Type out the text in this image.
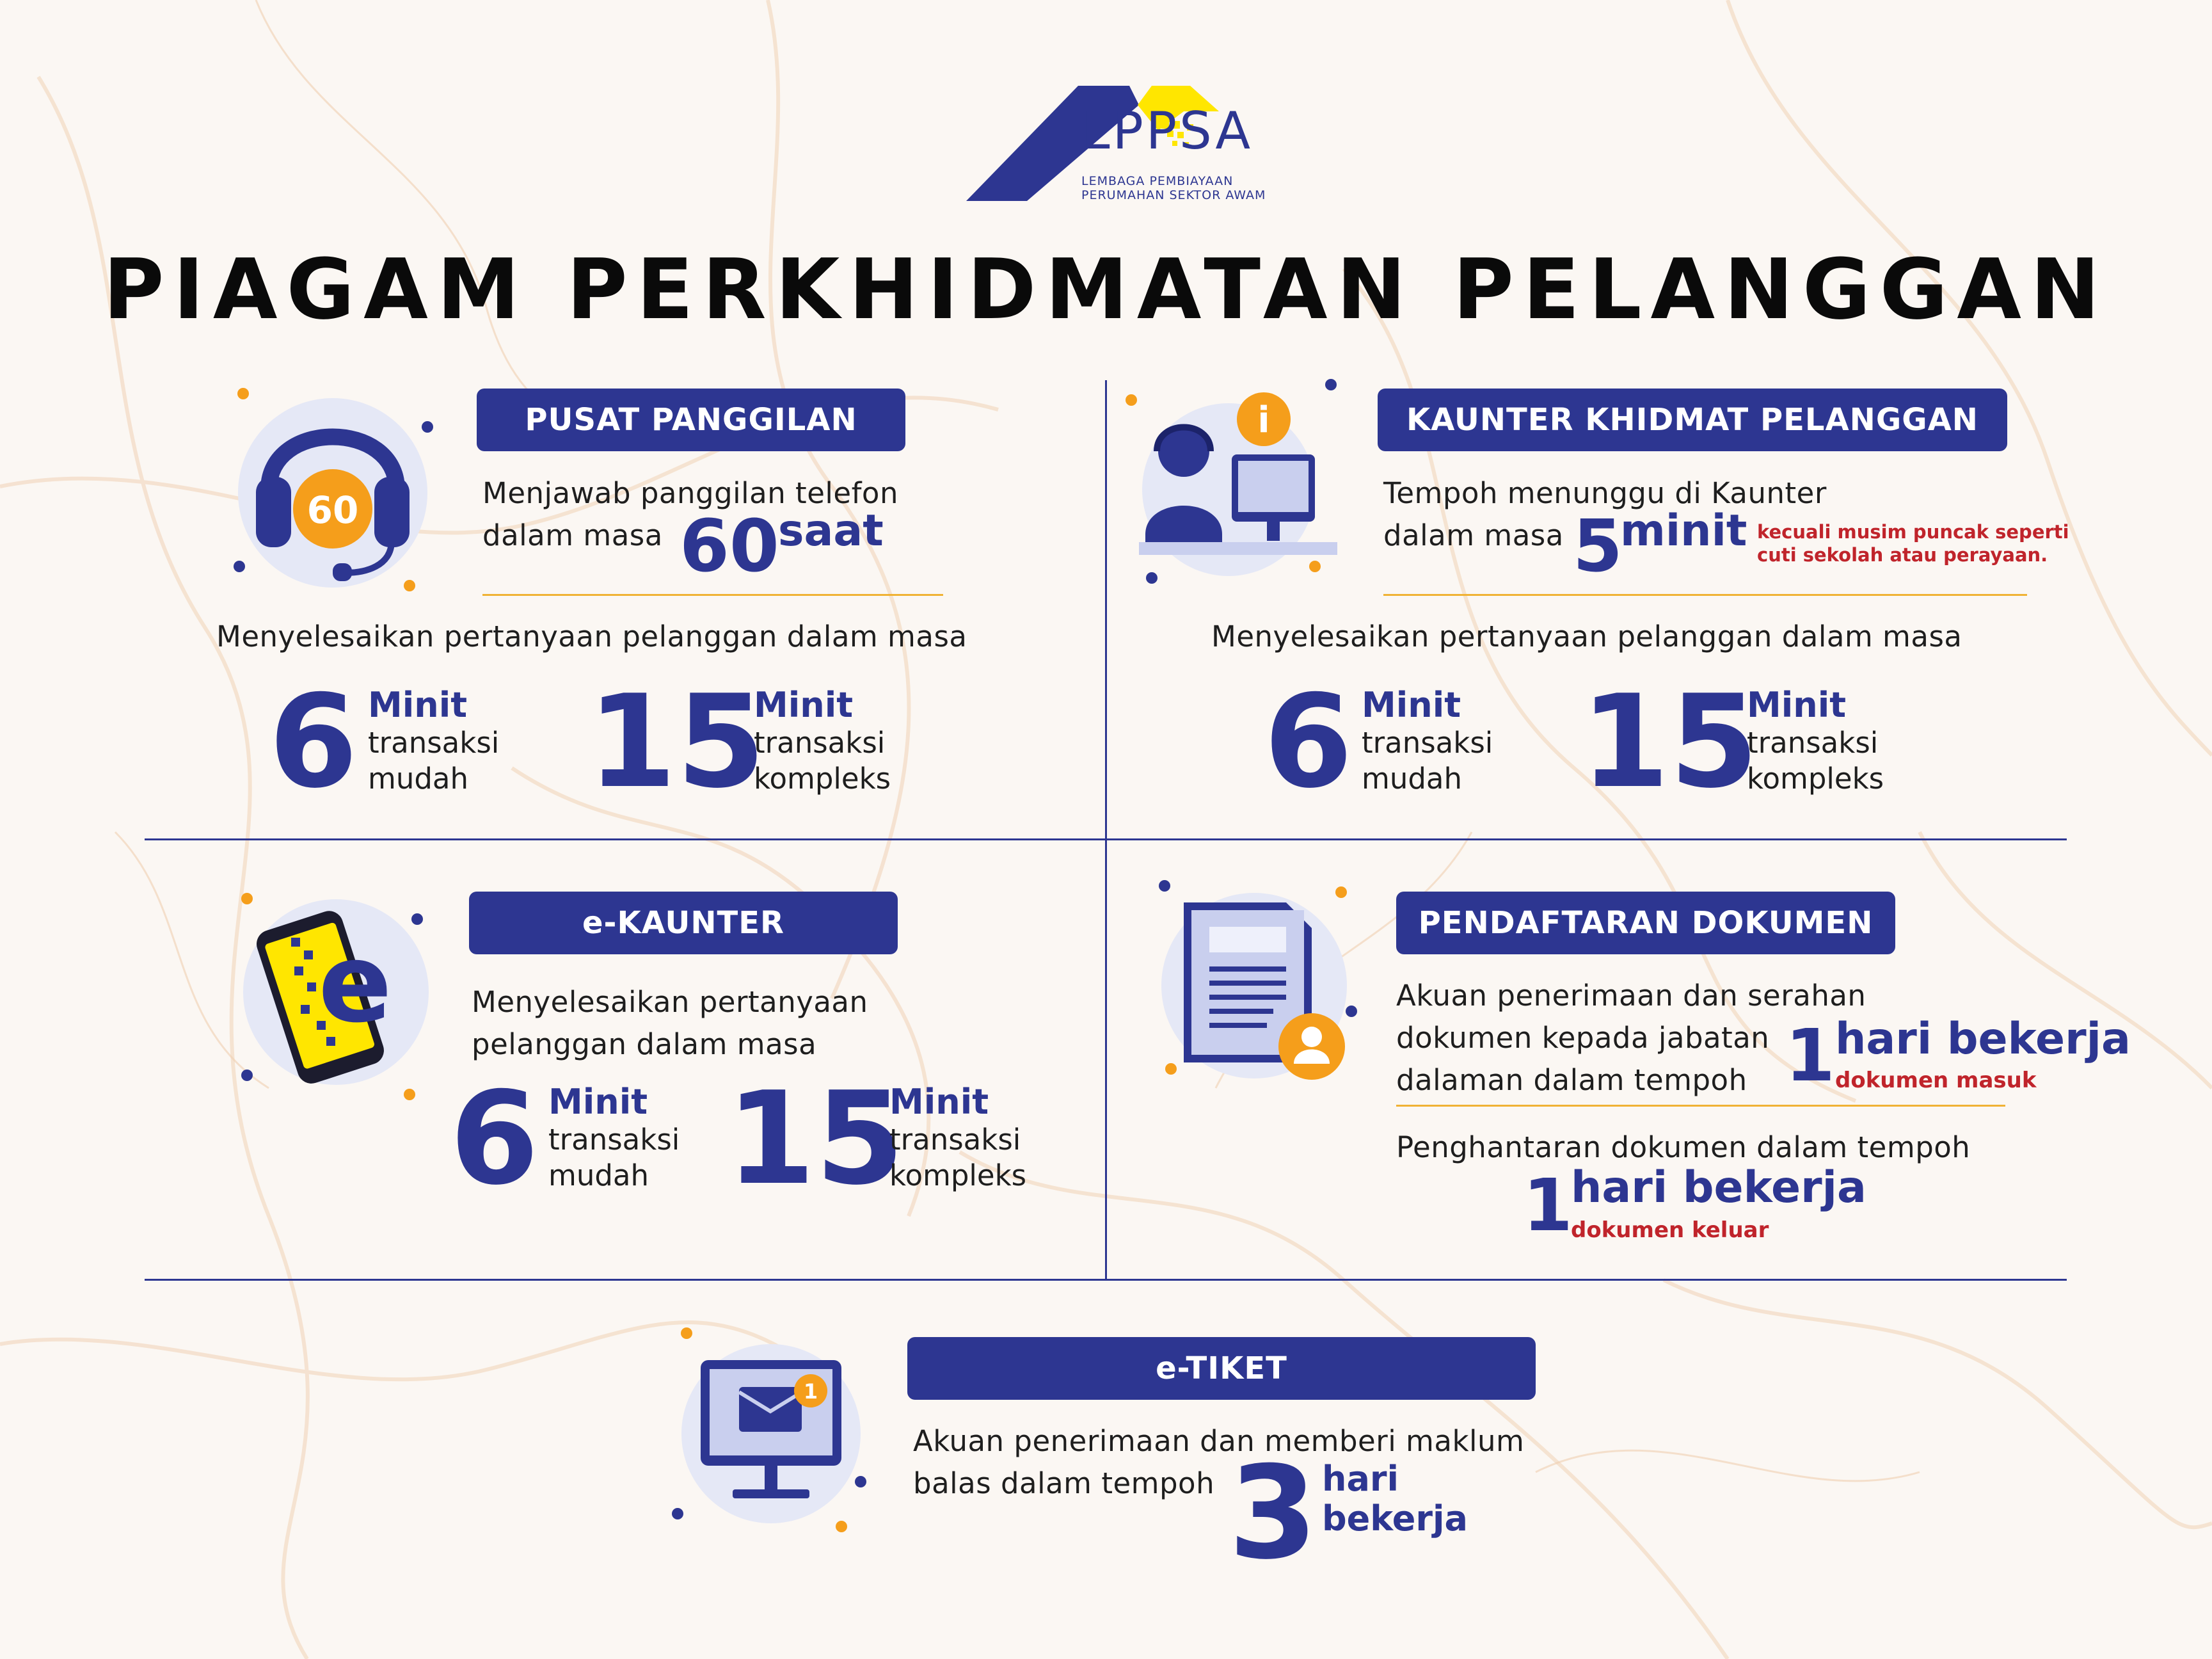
LPPSA
LEMBAGA PEMBIAYAAN
PERUMAHAN SEKTOR AWAM
PIAGAM PERKHIDMATAN PELANGGAN
60
PUSAT PANGGILAN
Menjawab panggilan telefon
dalam masa 60
saat
Menyelesaikan pertanyaan pelanggan dalam masa
6 Minit
transaksi
mudah 15
Minit
transaksi
kompleks
i	KAUNTER KHIDMAT PELANGGAN
Tempoh menunggu di Kaunter
dalam masa 5
minit kecuali musim puncak seperti
cuti sekolah atau perayaan.
Menyelesaikan pertanyaan pelanggan dalam masa
6 Minit
transaksi
mudah 15
Minit
transaksi
kompleks
e	e-KAUNTER
Menyelesaikan pertanyaan
pelanggan dalam masa
6 Minit
transaksi
mudah 15
Minit
transaksi
kompleks
PENDAFTARAN DOKUMEN
Akuan penerimaan dan serahan
dokumen kepada jabatan
dalaman dalam tempoh 1 hari bekerja
dokumen masuk
Penghantaran dokumen dalam tempoh
1
hari bekerja
dokumen keluar
1
e-TIKET
Akuan penerimaan dan memberi maklum
balas dalam tempoh 3 hari
bekerja
